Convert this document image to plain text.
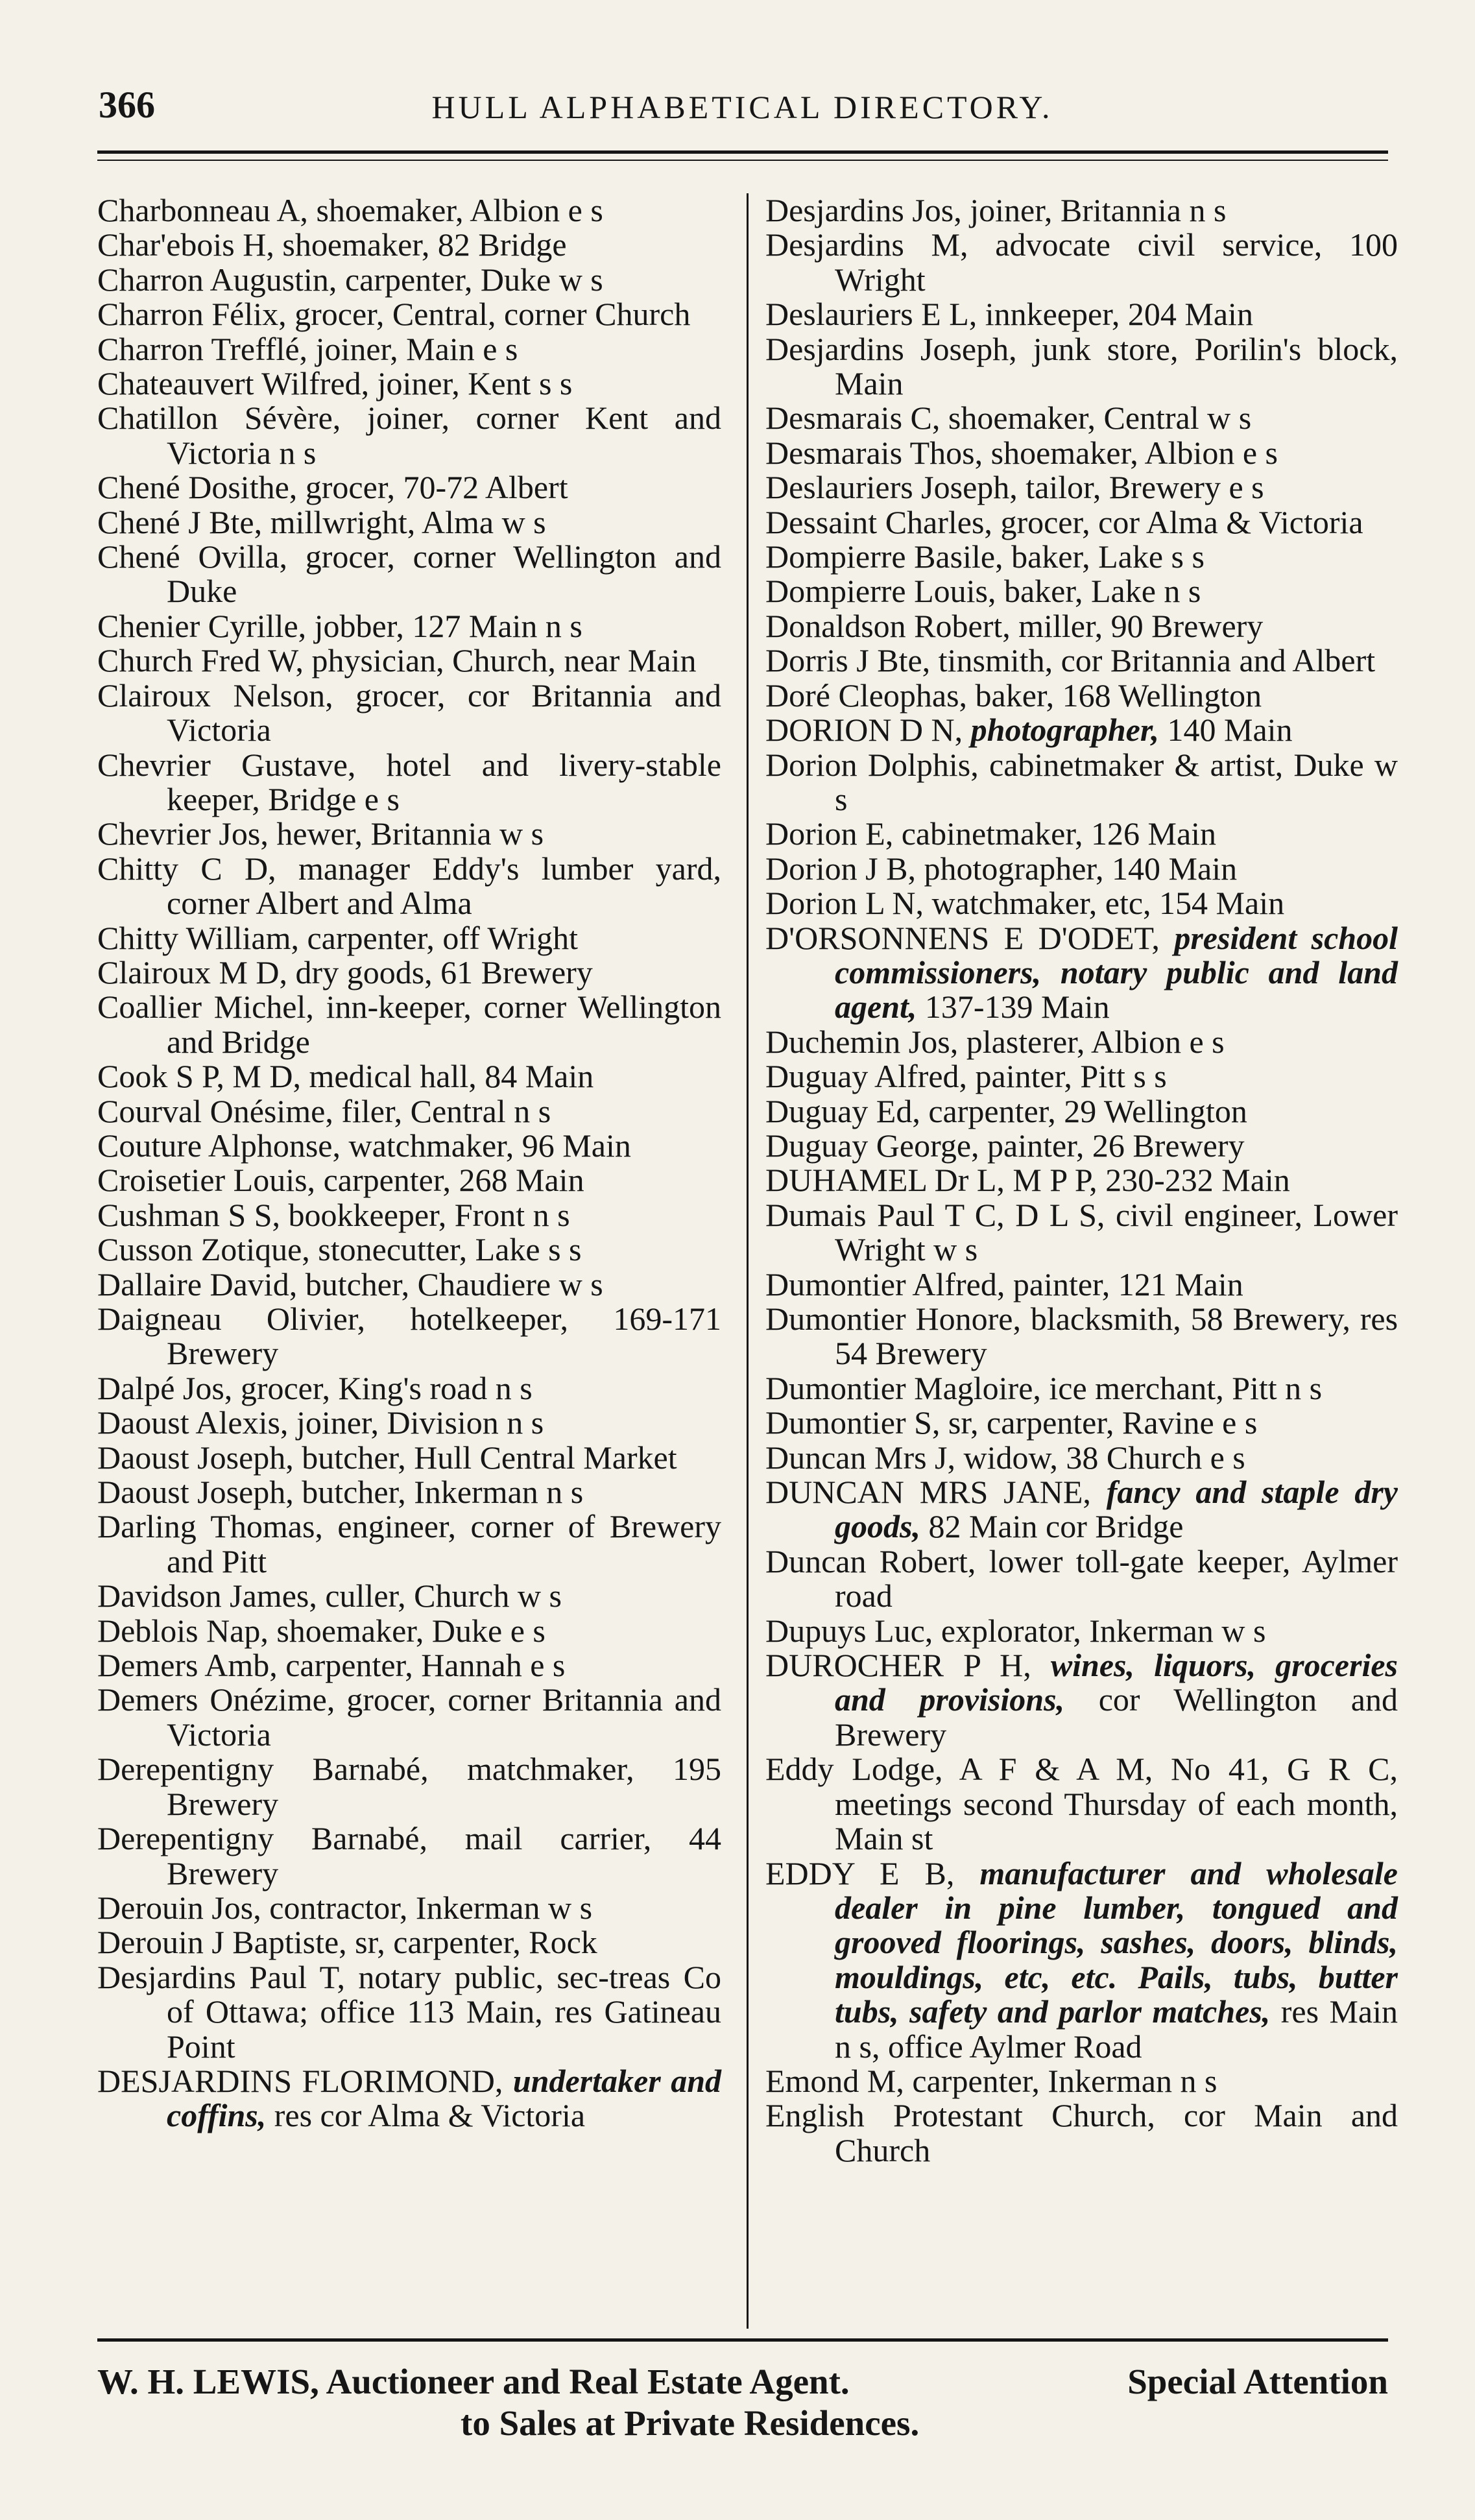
366	HULL ALPHABETICAL DIRECTORY.
Charbonneau A, shoemaker, Albion e s
Char'ebois H, shoemaker, 82 Bridge
Charron Augustin, carpenter, Duke w s
Charron Félix, grocer, Central, corner Church
Charron Trefflé, joiner, Main e s
Chateauvert Wilfred, joiner, Kent s s
Chatillon Sévère, joiner, corner Kent and Victoria n s
Chené Dosithe, grocer, 70-72 Albert
Chené J Bte, millwright, Alma w s
Chené Ovilla, grocer, corner Wellington and Duke
Chenier Cyrille, jobber, 127 Main n s
Church Fred W, physician, Church, near Main
Clairoux Nelson, grocer, cor Britannia and Victoria
Chevrier Gustave, hotel and livery-stable keeper, Bridge e s
Chevrier Jos, hewer, Britannia w s
Chitty C D, manager Eddy's lumber yard, corner Albert and Alma
Chitty William, carpenter, off Wright
Clairoux M D, dry goods, 61 Brewery
Coallier Michel, inn-keeper, corner Wellington and Bridge
Cook S P, M D, medical hall, 84 Main
Courval Onésime, filer, Central n s
Couture Alphonse, watchmaker, 96 Main
Croisetier Louis, carpenter, 268 Main
Cushman S S, bookkeeper, Front n s
Cusson Zotique, stonecutter, Lake s s
Dallaire David, butcher, Chaudiere w s
Daigneau Olivier, hotelkeeper, 169-171 Brewery
Dalpé Jos, grocer, King's road n s
Daoust Alexis, joiner, Division n s
Daoust Joseph, butcher, Hull Central Market
Daoust Joseph, butcher, Inkerman n s
Darling Thomas, engineer, corner of Brewery and Pitt
Davidson James, culler, Church w s
Deblois Nap, shoemaker, Duke e s
Demers Amb, carpenter, Hannah e s
Demers Onézime, grocer, corner Britannia and Victoria
Derepentigny Barnabé, matchmaker, 195 Brewery
Derepentigny Barnabé, mail carrier, 44 Brewery
Derouin Jos, contractor, Inkerman w s
Derouin J Baptiste, sr, carpenter, Rock
Desjardins Paul T, notary public, sec-treas Co of Ottawa; office 113 Main, res Gatineau Point
DESJARDINS FLORIMOND, undertaker and coffins, res cor Alma & Victoria
Desjardins Jos, joiner, Britannia n s
Desjardins M, advocate civil service, 100 Wright
Deslauriers E L, innkeeper, 204 Main
Desjardins Joseph, junk store, Porilin's block, Main
Desmarais C, shoemaker, Central w s
Desmarais Thos, shoemaker, Albion e s
Deslauriers Joseph, tailor, Brewery e s
Dessaint Charles, grocer, cor Alma & Victoria
Dompierre Basile, baker, Lake s s
Dompierre Louis, baker, Lake n s
Donaldson Robert, miller, 90 Brewery
Dorris J Bte, tinsmith, cor Britannia and Albert
Doré Cleophas, baker, 168 Wellington
DORION D N, photographer, 140 Main
Dorion Dolphis, cabinetmaker & artist, Duke w s
Dorion E, cabinetmaker, 126 Main
Dorion J B, photographer, 140 Main
Dorion L N, watchmaker, etc, 154 Main
D'ORSONNENS E D'ODET, president school commissioners, notary public and land agent, 137-139 Main
Duchemin Jos, plasterer, Albion e s
Duguay Alfred, painter, Pitt s s
Duguay Ed, carpenter, 29 Wellington
Duguay George, painter, 26 Brewery
DUHAMEL Dr L, M P P, 230-232 Main
Dumais Paul T C, D L S, civil engineer, Lower Wright w s
Dumontier Alfred, painter, 121 Main
Dumontier Honore, blacksmith, 58 Brewery, res 54 Brewery
Dumontier Magloire, ice merchant, Pitt n s
Dumontier S, sr, carpenter, Ravine e s
Duncan Mrs J, widow, 38 Church e s
DUNCAN MRS JANE, fancy and staple dry goods, 82 Main cor Bridge
Duncan Robert, lower toll-gate keeper, Aylmer road
Dupuys Luc, explorator, Inkerman w s
DUROCHER P H, wines, liquors, groceries and provisions, cor Wellington and Brewery
Eddy Lodge, A F & A M, No 41, G R C, meetings second Thursday of each month, Main st
EDDY E B, manufacturer and wholesale dealer in pine lumber, tongued and grooved floorings, sashes, doors, blinds, mouldings, etc, etc. Pails, tubs, butter tubs, safety and parlor matches, res Main n s, office Aylmer Road
Emond M, carpenter, Inkerman n s
English Protestant Church, cor Main and Church
W. H. LEWIS, Auctioneer and Real Estate Agent.	Special Attention
to Sales at Private Residences.
